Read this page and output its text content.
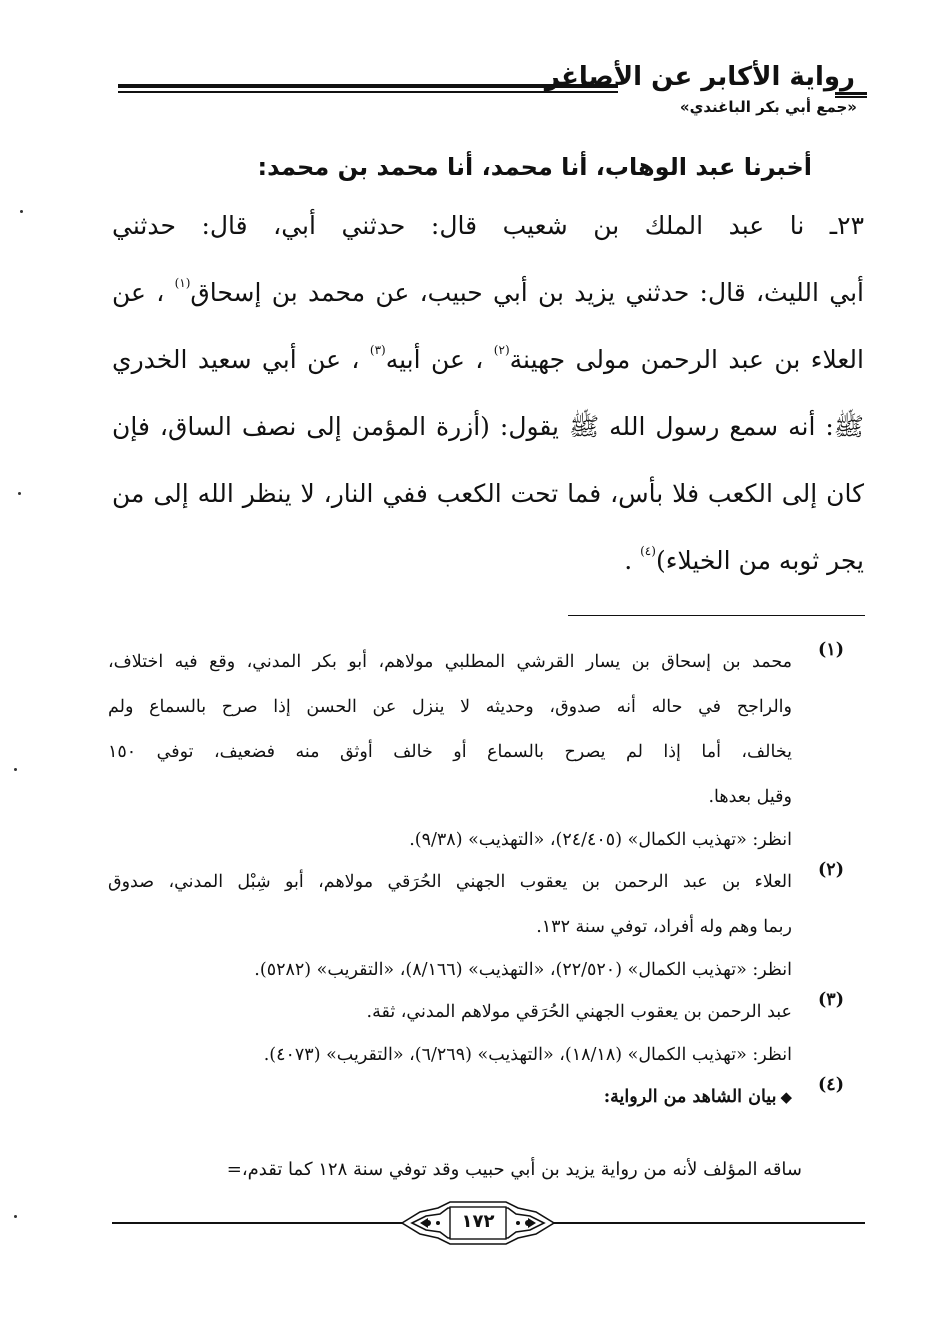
رواية الأكابر عن الأصاغر
«جمع أبي بكر الباغندي»
أخبرنا عبد الوهاب، أنا محمد، أنا محمد بن محمد:
٢٣ـ نا عبد الملك بن شعيب قال: حدثني أبي، قال: حدثني
أبي الليث، قال: حدثني يزيد بن أبي حبيب، عن محمد بن إسحاق$^{(١)}$ ، عن
العلاء بن عبد الرحمن مولى جهينة$^{(٢)}$ ، عن أبيه$^{(٣)}$ ، عن أبي سعيد الخدري
ﷺ: أنه سمع رسول الله ﷺ يقول: (أزرة المؤمن إلى نصف الساق، فإن
كان إلى الكعب فلا بأس، فما تحت الكعب ففي النار، لا ينظر الله إلى من
يجر ثوبه من الخيلاء)$^{(٤)}$ .
(١)
محمد بن إسحاق بن يسار القرشي المطلبي مولاهم، أبو بكر المدني، وقع فيه اختلاف،
والراجح في حاله أنه صدوق، وحديثه لا ينزل عن الحسن إذا صرح بالسماع ولم
يخالف، أما إذا لم يصرح بالسماع أو خالف أوثق منه فضعيف، توفي ١٥٠
وقيل بعدها.
انظر: «تهذيب الكمال» (٢٤/٤٠٥)، «التهذيب» (٩/٣٨).
(٢)
العلاء بن عبد الرحمن بن يعقوب الجهني الحُرَقي مولاهم، أبو شِبْل المدني، صدوق
ربما وهم وله أفراد، توفي سنة ١٣٢.
انظر: «تهذيب الكمال» (٢٢/٥٢٠)، «التهذيب» (٨/١٦٦)، «التقريب» (٥٢٨٢).
(٣)
عبد الرحمن بن يعقوب الجهني الحُرَقي مولاهم المدني، ثقة.
انظر: «تهذيب الكمال» (١٨/١٨)، «التهذيب» (٦/٢٦٩)، «التقريب» (٤٠٧٣).
(٤)
◆بيان الشاهد من الرواية:
ساقه المؤلف لأنه من رواية يزيد بن أبي حبيب وقد توفي سنة ١٢٨ كما تقدم،=
١٧٢
